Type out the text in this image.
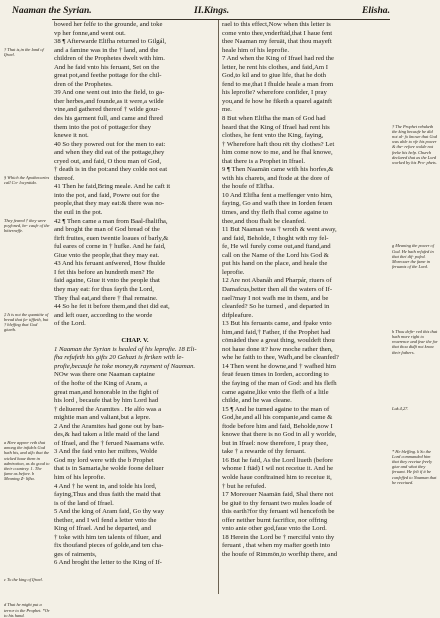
Naaman the Syrian.	II.Kings.	Elisha.
† That is,in the land of Ifrael.
§ Which the Apothecaries call Co- locyntida.
They feared † they were poyfoned, be- caufe of the bitterneffe.
‡ It is not the quantitie of bread that fa- tiffieth, but † bleffing that God giueth.
a Here appea- reth that among the infidels God hath his, and alfo that the wicked haue them in admiration, as do good to their countrey. 1. The fame as before. b Meaning Z- lifha.
c To the king of Ifrael.
d That he might put a terror to the Prophet. *Or to his hand.
bowed her felfe to the grounde, and toke
vp her fonne,and went out.
38 ¶ Afterwarde Elifha returned to Gilgál,
and a famine was in the † land, and the
children of the Prophetes dwelt with him.
And he faid vnto his feruant, Set on the
great pot,and feethe pottage for the chil-
dren of the Prophetes.
39 And one went out into the field, to ga-
ther herbes,and founde,as it were,a wilde
vine,and gathered thereof † wilde gour-
des his garment full, and came and fhred
them into the pot of pottage:for they
knewe it not.
40 So they powred out for the men to eat:
and when they did eat of the pottage,they
cryed out, and faid, O thou man of God,
† death is in the pot:and they colde not eat
thereof.
41 Then he faid,Bring meale. And he caft it
into the pot, and faid, Powre out for the
people,that they may eat:& there was no-
the euil in the pot.
42 ¶ Then came a man from Baal-fhalifha,
and broght the man of God bread of the
firft fruites, euen twentie loaues of barly,&
ful eares of corne in † hufke. And he faid,
Giue vnto the people,that they may eat.
43 And his feruant anfwered, How fhulde
I fet this before an hundreth men? He
faid againe, Giue it vnto the people that
they may eat: for thus fayth the Lord,
They fhal eat,and there † fhal remaine.
44 So he fet it before them,and thei did eat,
and left ouer, according to the worde
of the Lord.
CHAP. V.
1 Naaman the Syrian is healed of his leprofie. 18 Eli-
fha refufeth his gifts 20 Gehazi is ftriken with le-
profie,becaufe he toke money,& rayment of Naaman.
NOw was there one Naaman captaine
of the hofte of the King of Aram, a
great man,and honorable in the fight of
his lord , becaufe that by him Lord had
† deliuered the Aramites . He alfo was a
mightie man and valiant,but a lepre.
2 And the Aramites had gone out by ban-
des,& had taken a litle maid of the land
of Ifrael, and fhe † ferued Naamans wife.
3 And fhe faid vnto her miftres, Wolde
God my lord were with the b Prophet
that is in Samaria,he wolde foone deliuer
him of his leprofie.
4 And † he went in, and tolde his lord,
faying,Thus and thus faith the maid that
is of the land of Ifrael.
5 And the king of Aram faid, Go thy way
thether, and I wil fend a letter vnto the
King of Ifrael. And he departed, and
† toke with him ten talents of filuer, and
fix thoufand pieces of golde,and ten cha-
ges of raiments,
6 And broght the letter to the King of If-
rael to this effect,Now when this letter is
come vnto thee,vnderftād,that I haue fent
thee Naaman my feruāt, that thou mayeft
heale him of his leprofie.
7 And when the King of Ifrael had red the
letter, he rent his clothes, and faid,Am I
God,to kil and to giue life, that he doth
fend to me,that I fhulde heale a man from
his leprofie? wherefore confider, I pray
you,and fe how he fiketh a quarel againft
me.
8 But when Elifha the man of God had
heard that the King of Ifrael had rent his
clothes, he fent vnto the King, faying,
† Wherefore haft thou rēt thy clothes? Let
him come now to me, and he fhal knowe,
that there is a Prophet in Ifrael.
9 ¶ Then Naamān came with his horfes,&
with his charets, and ftode at the dore of
the houfe of Elifha.
10 And Elifha fent a meffenger vnto him,
faying, Go and wafh thee in Iorden feuen
times, and thy flefh fhal come againe to
thee,and thou fhalt be cleanfed.
11 But Naaman was † wroth & went away,
and faid, Beholde, I thoght with my fel-
fe, He wil furely come out,and ftand,and
call on the Name of the Lord his God &
put his hand on the place, and heale the
leprofie.
12 Are not Abanáh and Pharpár, riuers of
Damafcus,better then all the waters of If-
rael?may I not wafh me in them, and be
cleanfed? So he turned , and departed in
difpleafure.
13 But his feruants came, and fpake vnto
him,and faid,† Father, if the Prophet had
cōmāded thee a great thing, wouldeft thou
not haue done it? how moche rather then,
whe he faith to thee, Wafh,and be cleanfed?
14 Then went he downe,and † wafhed him
feuē feuen times in Iorden, according to
the faying of the man of God: and his flefh
came againe,like vnto the flefh of a litle
childe, and he was cleane.
15 ¶ And he turned againe to the man of
God,he,and all his companie,and came &
ftode before him and faid, Beholde,now I
knowe that there is no God in all y worlde,
but in Ifrael: now therefore, I pray thee,
take † a rewarde of thy feruant.
16 But he faid, As the Lord liueth (before
whome I ftād) I wil not receiue it. And he
wolde haue conftrained him to receiue it,
† but he refufed.
17 Moreouer Naamān faid, Shal there not
be giuē to thy feruant two mules loade of
this earth?for thy feruant wil hencefoth be
offer neither burnt facrifice, nor offring
vnto anie other god,faue vnto the Lord.
18 Herein the Lord be † merciful vnto thy
feruant , that when my mafter goeth into
the houfe of Rimmōn,to worfhip there, and
† The Prophet rebuketh the king becaufe he did not al- fo knowe that God was able to vfe his power & the- refore wolde not feeke his help. Church declared that as the Lord worked by his Pro- phets.
g Meaning the power of God. He hath refufed in that thei dif- pofed. Moreouer the fame in feruants of the Lord.
h Thou defir- red this that hath more right to reuerence and fear the for that thou didft not know their fathers.
Luk.4,27.
* He bleffing. k So the Lord commanded him that they receiue freely giue and what they feruant. He felt if it be confeffed to Naaman that he receiued.
